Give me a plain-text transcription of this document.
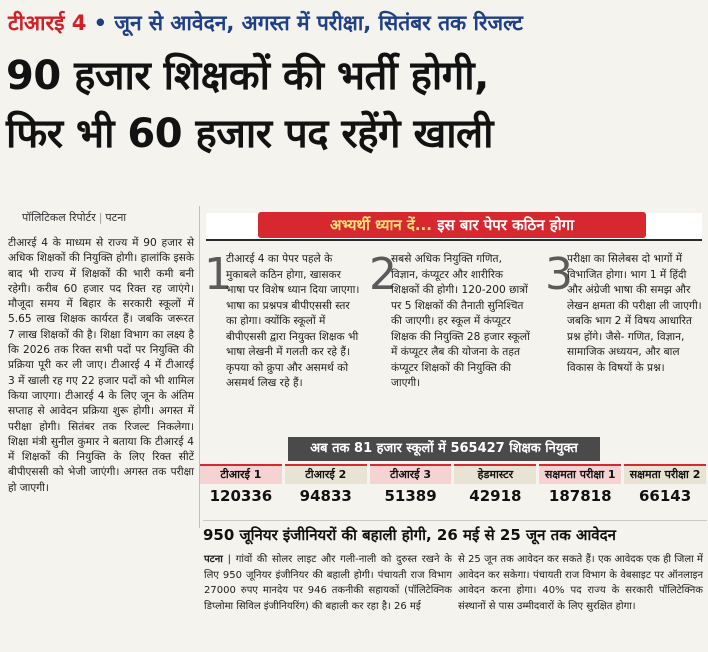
टीआरई 4 • जून से आवेदन, अगस्त में परीक्षा, सितंबर तक रिजल्ट
90 हजार शिक्षकों की भर्ती होगी,
फिर भी 60 हजार पद रहेंगे खाली
पॉलिटिकल रिपोर्टर | पटना
टीआरई 4 के माध्यम से राज्य में 90 हजार से अधिक शिक्षकों की नियुक्ति होगी। हालांकि इसके बाद भी राज्य में शिक्षकों की भारी कमी बनी रहेगी। करीब 60 हजार पद रिक्त रह जाएंगे। मौजूदा समय में बिहार के सरकारी स्कूलों में 5.65 लाख शिक्षक कार्यरत हैं। जबकि जरूरत 7 लाख शिक्षकों की है। शिक्षा विभाग का लक्ष्य है कि 2026 तक रिक्त सभी पदों पर नियुक्ति की प्रक्रिया पूरी कर ली जाए। टीआरई 4 में टीआरई 3 में खाली रह गए 22 हजार पदों को भी शामिल किया जाएगा। टीआरई 4 के लिए जून के अंतिम सप्ताह से आवेदन प्रक्रिया शुरू होगी। अगस्त में परीक्षा होगी। सितंबर तक रिजल्ट निकलेगा। शिक्षा मंत्री सुनील कुमार ने बताया कि टीआरई 4 में शिक्षकों की नियुक्ति के लिए रिक्त सीटें बीपीएससी को भेजी जाएंगी। अगस्त तक परीक्षा हो जाएगी।
अभ्यर्थी ध्यान दें... इस बार पेपर कठिन होगा
1
टीआरई 4 का पेपर पहले के मुकाबले कठिन होगा, खासकर भाषा पर विशेष ध्यान दिया जाएगा। भाषा का प्रश्नपत्र बीपीएससी स्तर का होगा। क्योंकि स्कूलों में बीपीएससी द्वारा नियुक्त शिक्षक भी भाषा लेखनी में गलती कर रहे हैं। कृपया को क्रुपा और असमर्थ को असमर्थ लिख रहे हैं।
2
सबसे अधिक नियुक्ति गणित, विज्ञान, कंप्यूटर और शारीरिक शिक्षकों की होगी। 120-200 छात्रों पर 5 शिक्षकों की तैनाती सुनिश्चित की जाएगी। हर स्कूल में कंप्यूटर शिक्षक की नियुक्ति 28 हजार स्कूलों में कंप्यूटर लैब की योजना के तहत कंप्यूटर शिक्षकों की नियुक्ति की जाएगी।
3
परीक्षा का सिलेबस दो भागों में विभाजित होगा। भाग 1 में हिंदी और अंग्रेजी भाषा की समझ और लेखन क्षमता की परीक्षा ली जाएगी। जबकि भाग 2 में विषय आधारित प्रश्न होंगे। जैसे- गणित, विज्ञान, सामाजिक अध्ययन, और बाल विकास के विषयों के प्रश्न।
अब तक 81 हजार स्कूलों में 565427 शिक्षक नियुक्त
टीआरई 1
120336
टीआरई 2
94833
टीआरई 3
51389
हेडमास्टर
42918
सक्षमता परीक्षा 1
187818
सक्षमता परीक्षा 2
66143
950 जूनियर इंजीनियरों की बहाली होगी, 26 मई से 25 जून तक आवेदन
पटना | गांवों की सोलर लाइट और गली-नाली को दुरुस्त रखने के लिए 950 जूनियर इंजीनियर की बहाली होगी। पंचायती राज विभाग 27000 रुपए मानदेय पर 946 तकनीकी सहायकों (पॉलिटेक्निक डिप्लोमा सिविल इंजीनियरिंग) की बहाली कर रहा है। 26 मई
से 25 जून तक आवेदन कर सकते हैं। एक आवेदक एक ही जिला में आवेदन कर सकेगा। पंचायती राज विभाग के वेबसाइट पर ऑनलाइन आवेदन करना होगा। 40% पद राज्य के सरकारी पॉलिटेक्निक संस्थानों से पास उम्मीदवारों के लिए सुरक्षित होगा।
